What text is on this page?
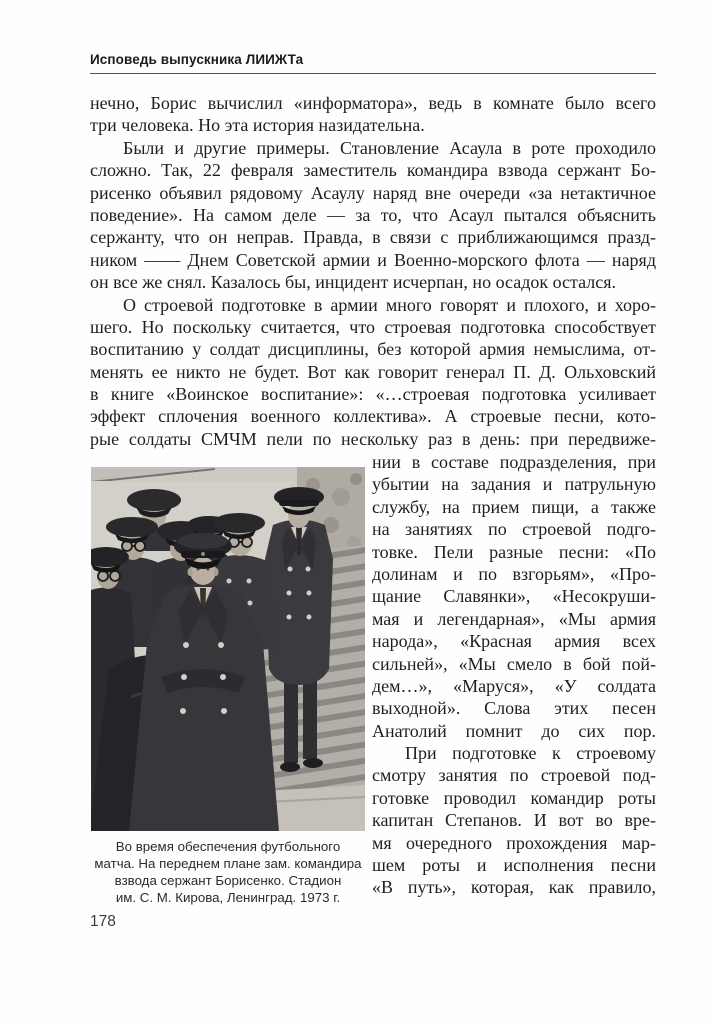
Исповедь выпускника ЛИИЖТа
нечно, Борис вычислил «информатора», ведь в комнате было всего
три человека. Но эта история назидательна.
Были и другие примеры. Становление Асаула в роте проходило
сложно. Так, 22 февраля заместитель командира взвода сержант Бо-
рисенко объявил рядовому Асаулу наряд вне очереди «за нетактичное
поведение». На самом деле — за то, что Асаул пытался объяснить
сержанту, что он неправ. Правда, в связи с приближающимся празд-
ником —— Днем Советской армии и Военно-морского флота — наряд
он все же снял. Казалось бы, инцидент исчерпан, но осадок остался.
О строевой подготовке в армии много говорят и плохого, и хоро-
шего. Но поскольку считается, что строевая подготовка способствует
воспитанию у солдат дисциплины, без которой армия немыслима, от-
менять ее никто не будет. Вот как говорит генерал П. Д. Ольховский
в книге «Воинское воспитание»: «…строевая подготовка усиливает
эффект сплочения военного коллектива». А строевые песни, кото-
рые солдаты СМЧМ пели по нескольку раз в день: при передвиже-
Во время обеспечения футбольного
матча. На переднем плане зам. командира
взвода сержант Борисенко. Стадион
им. С. М. Кирова, Ленинград. 1973 г.
нии в составе подразделения, при
убытии на задания и патрульную
службу, на прием пищи, а также
на занятиях по строевой подго-
товке. Пели разные песни: «По
долинам и по взгорьям», «Про-
щание Славянки», «Несокруши-
мая и легендарная», «Мы армия
народа», «Красная армия всех
сильней», «Мы смело в бой пой-
дем…», «Маруся», «У солдата
выходной». Слова этих песен
Анатолий помнит до сих пор.
При подготовке к строевому
смотру занятия по строевой под-
готовке проводил командир роты
капитан Степанов. И вот во вре-
мя очередного прохождения мар-
шем роты и исполнения песни
«В путь», которая, как правило,
178
